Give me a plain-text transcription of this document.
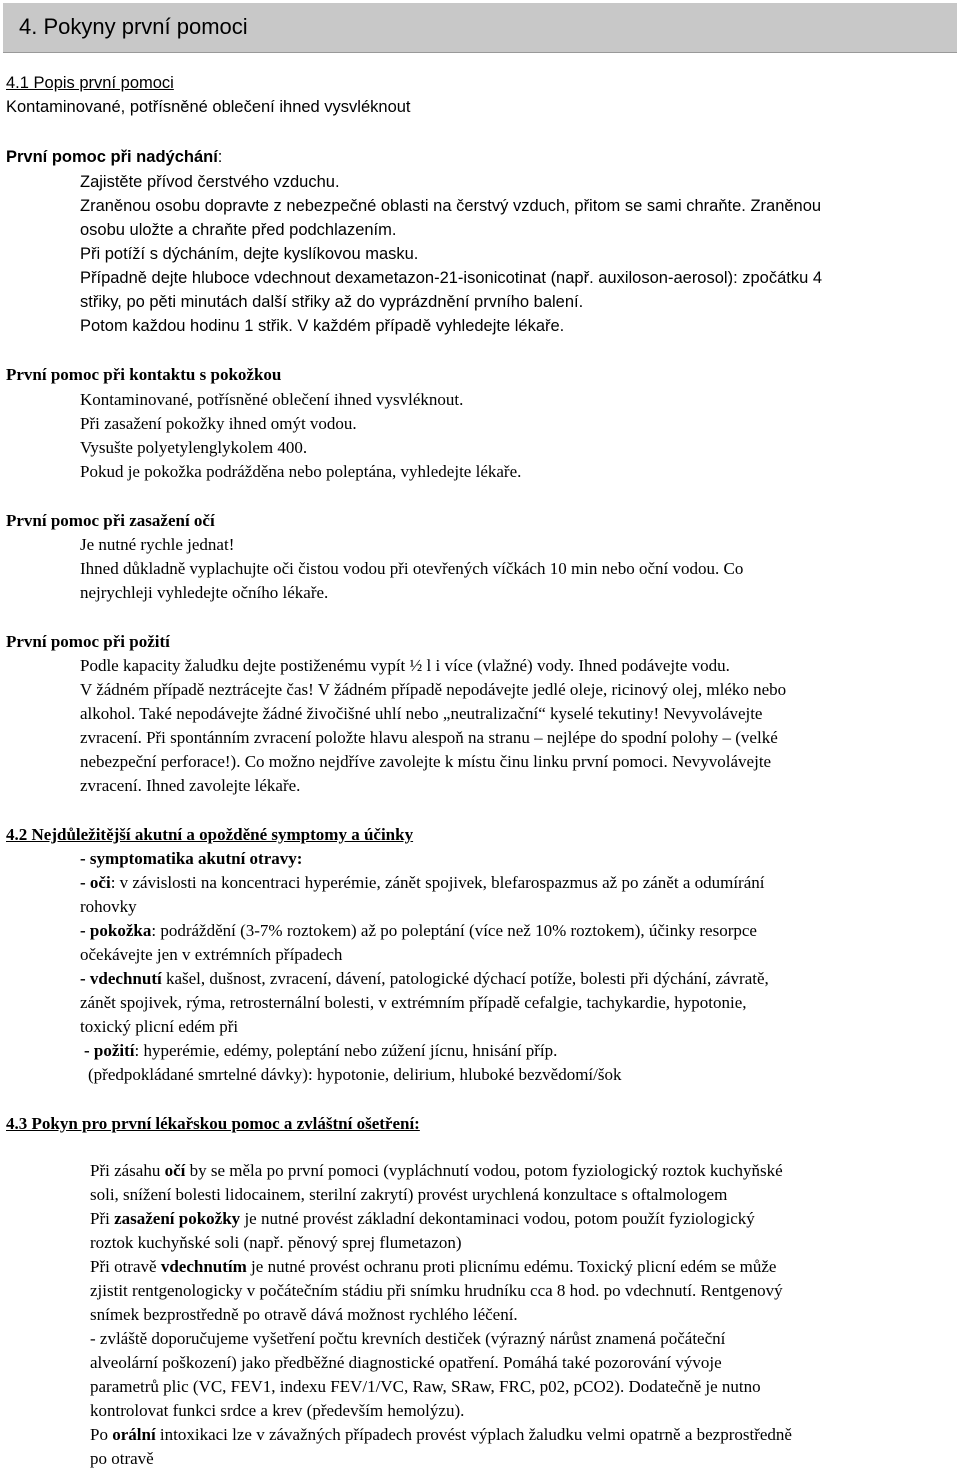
4. Pokyny první pomoci
4.1 Popis první pomoci
Kontaminované, potřísněné oblečení ihned vysvléknout
První pomoc při nadýchání:
Zajistěte přívod čerstvého vzduchu.
Zraněnou osobu dopravte z nebezpečné oblasti na čerstvý vzduch, přitom se sami chraňte. Zraněnou
osobu uložte a chraňte před podchlazením.
Při potíží s dýcháním, dejte kyslíkovou masku.
Případně dejte hluboce vdechnout dexametazon-21-isonicotinat (např. auxiloson-aerosol): zpočátku 4
střiky, po pěti minutách další střiky až do vyprázdnění prvního balení.
Potom každou hodinu 1 střik. V každém případě vyhledejte lékaře.
První pomoc při kontaktu s pokožkou
Kontaminované, potřísněné oblečení ihned vysvléknout.
Při zasažení pokožky ihned omýt vodou.
Vysušte polyetylenglykolem 400.
Pokud je pokožka podrážděna nebo poleptána, vyhledejte lékaře.
První pomoc při zasažení očí
Je nutné rychle jednat!
Ihned důkladně vyplachujte oči čistou vodou při otevřených víčkách 10 min nebo oční vodou. Co
nejrychleji vyhledejte očního lékaře.
První pomoc při požití
Podle kapacity žaludku dejte postiženému vypít ½ l i více (vlažné) vody. Ihned podávejte vodu.
V žádném případě neztrácejte čas! V žádném případě nepodávejte jedlé oleje, ricinový olej, mléko nebo
alkohol. Také nepodávejte žádné živočišné uhlí nebo „neutralizační“ kyselé tekutiny! Nevyvolávejte
zvracení. Při spontánním zvracení položte hlavu alespoň na stranu – nejlépe do spodní polohy – (velké
nebezpeční perforace!). Co možno nejdříve zavolejte k místu činu linku první pomoci. Nevyvolávejte
zvracení. Ihned zavolejte lékaře.
4.2 Nejdůležitější akutní a opožděné symptomy a účinky
- symptomatika akutní otravy:
- oči: v závislosti na koncentraci hyperémie, zánět spojivek, blefarospazmus až po zánět a odumírání
rohovky
- pokožka: podráždění (3-7% roztokem) až po poleptání (více než 10% roztokem), účinky resorpce
očekávejte jen v extrémních případech
- vdechnutí kašel, dušnost, zvracení, dávení, patologické dýchací potíže, bolesti při dýchání, závratě,
zánět spojivek, rýma, retrosternální bolesti, v extrémním případě cefalgie, tachykardie, hypotonie,
toxický plicní edém při
- požití: hyperémie, edémy, poleptání nebo zúžení jícnu, hnisání příp.
(předpokládané smrtelné dávky): hypotonie, delirium, hluboké bezvědomí/šok
4.3 Pokyn pro první lékařskou pomoc a zvláštní ošetření:
Při zásahu očí by se měla po první pomoci (vypláchnutí vodou, potom fyziologický roztok kuchyňské
soli, snížení bolesti lidocainem, sterilní zakrytí) provést urychlená konzultace s oftalmologem
Při zasažení pokožky je nutné provést základní dekontaminaci vodou, potom použít fyziologický
roztok kuchyňské soli (např. pěnový sprej flumetazon)
Při otravě vdechnutím je nutné provést ochranu proti plicnímu edému. Toxický plicní edém se může
zjistit rentgenologicky v počátečním stádiu při snímku hrudníku cca 8 hod. po vdechnutí. Rentgenový
snímek bezprostředně po otravě dává možnost rychlého léčení.
- zvláště doporučujeme vyšetření počtu krevních destiček (výrazný nárůst znamená počáteční
alveolární poškození) jako předběžné diagnostické opatření. Pomáhá také pozorování vývoje
parametrů plic (VC, FEV1, indexu FEV/1/VC, Raw, SRaw, FRC, p02, pCO2). Dodatečně je nutno
kontrolovat funkci srdce a krev (především hemolýzu).
Po orální intoxikaci lze v závažných případech provést výplach žaludku velmi opatrně a bezprostředně
po otravě
